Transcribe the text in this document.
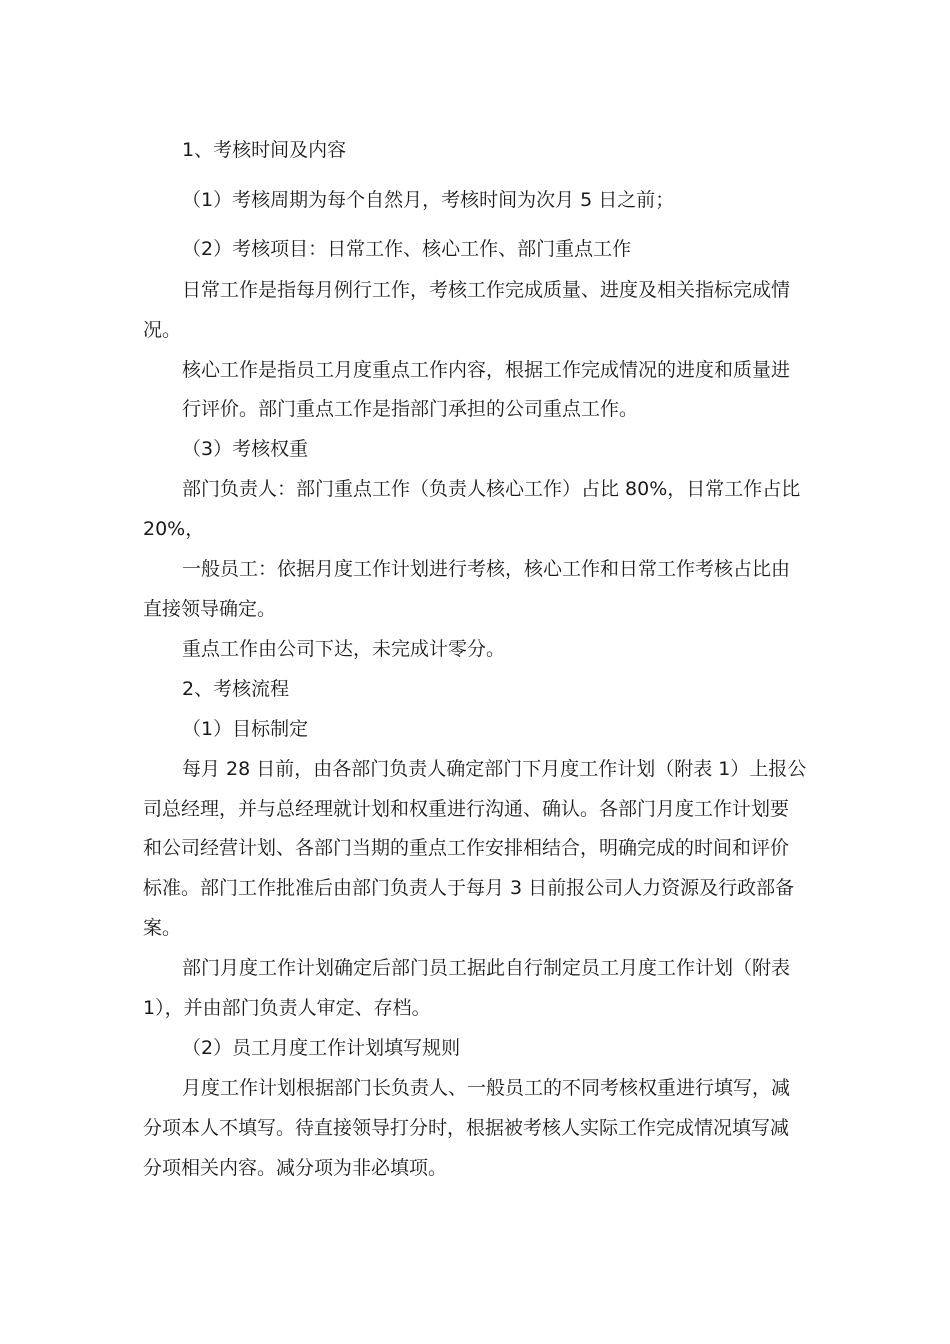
1、考核时间及内容
（1）考核周期为每个自然月，考核时间为次月 5 日之前；
（2）考核项目：日常工作、核心工作、部门重点工作
日常工作是指每月例行工作，考核工作完成质量、进度及相关指标完成情
况。
核心工作是指员工月度重点工作内容，根据工作完成情况的进度和质量进
行评价。部门重点工作是指部门承担的公司重点工作。
（3）考核权重
部门负责人：部门重点工作（负责人核心工作）占比 80%，日常工作占比
20%，
一般员工：依据月度工作计划进行考核，核心工作和日常工作考核占比由
直接领导确定。
重点工作由公司下达，未完成计零分。
2、考核流程
（1）目标制定
每月 28 日前，由各部门负责人确定部门下月度工作计划（附表 1）上报公
司总经理，并与总经理就计划和权重进行沟通、确认。各部门月度工作计划要
和公司经营计划、各部门当期的重点工作安排相结合，明确完成的时间和评价
标准。部门工作批准后由部门负责人于每月 3 日前报公司人力资源及行政部备
案。
部门月度工作计划确定后部门员工据此自行制定员工月度工作计划（附表
1），并由部门负责人审定、存档。
（2）员工月度工作计划填写规则
月度工作计划根据部门长负责人、一般员工的不同考核权重进行填写，减
分项本人不填写。待直接领导打分时，根据被考核人实际工作完成情况填写减
分项相关内容。减分项为非必填项。
